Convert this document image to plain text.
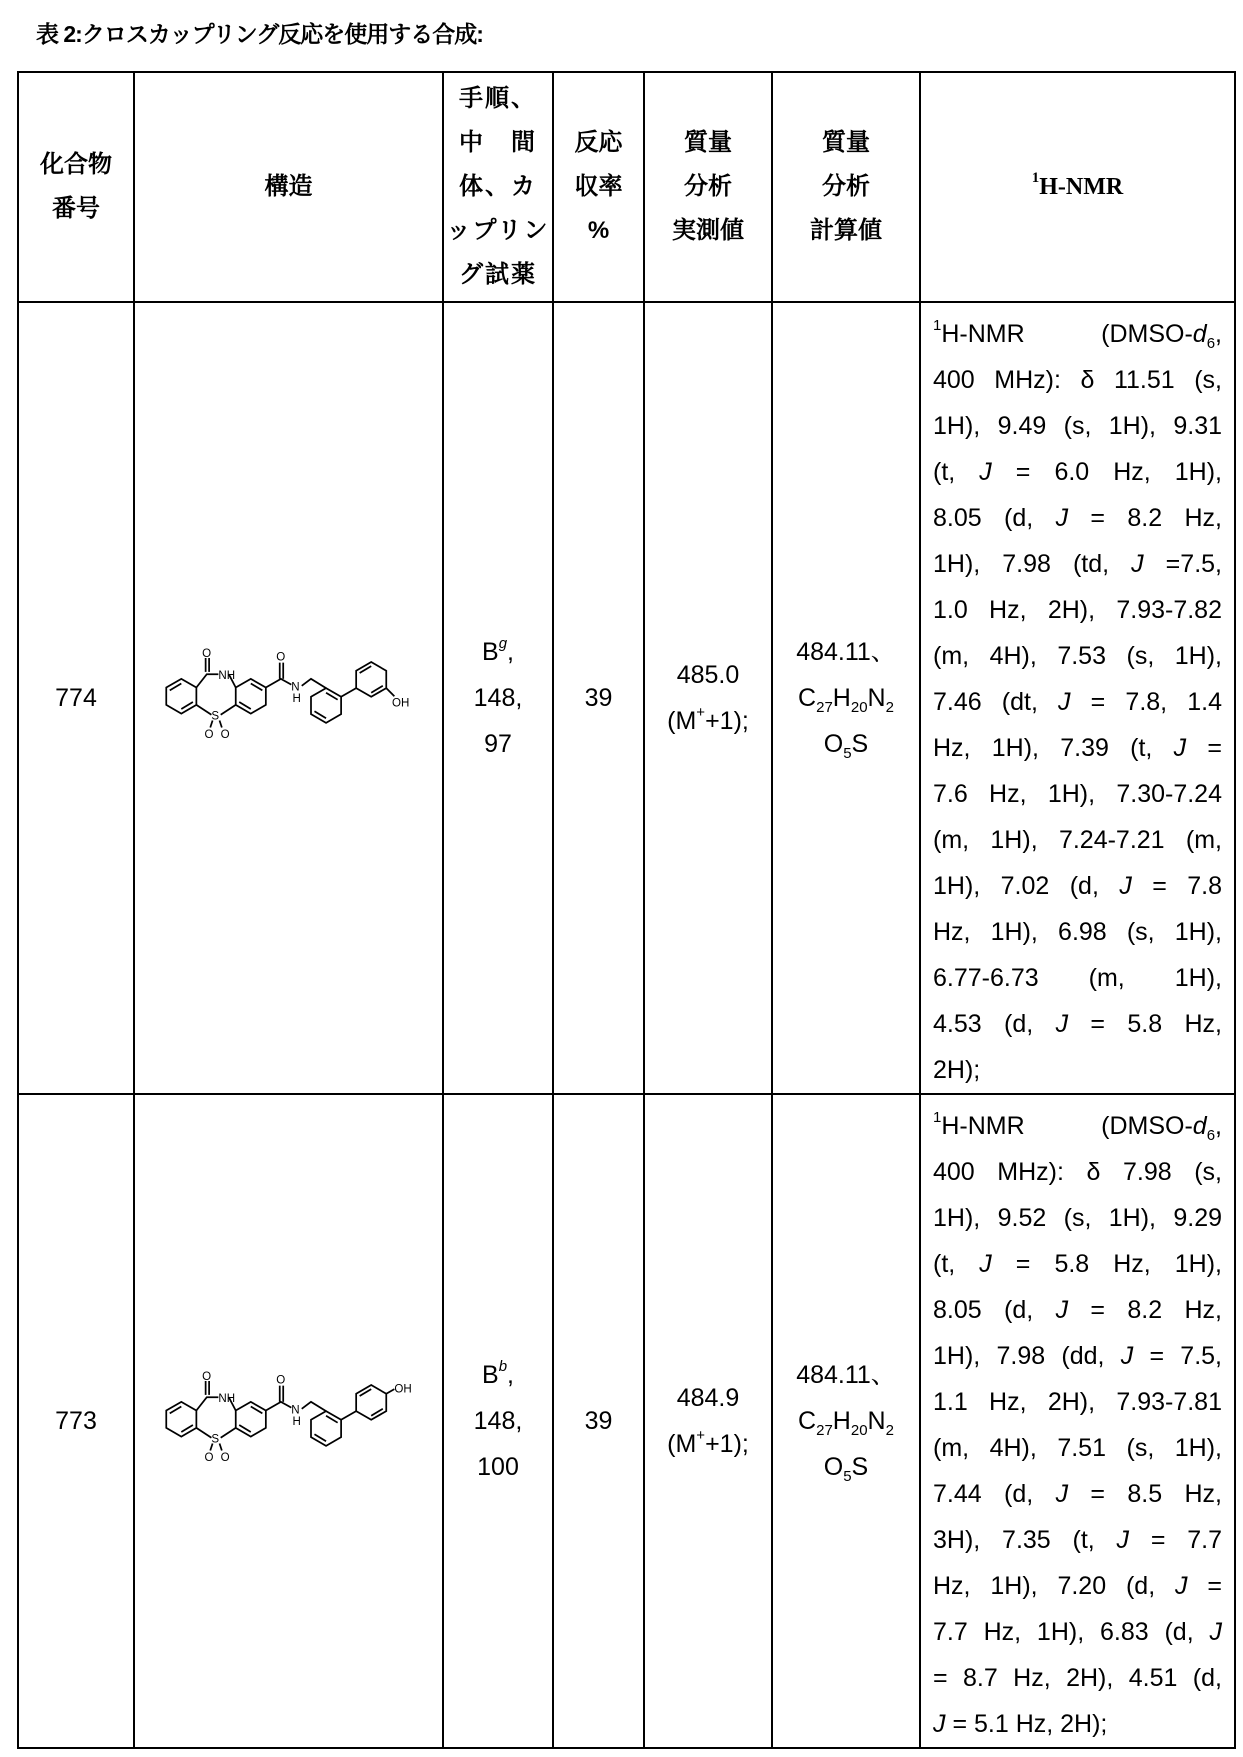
表 2:クロスカップリング反応を使用する合成:
化合物
番号
	構造	
手順、
中　間
体、カ
ップリン
グ試薬

反応
収率
%

質量
分析
実測値

質量
分析
計算値
	1H-NMR
774	
O
NH
O
N
H
S
O O
OH

Bg,
148,
97
	39	
485.0
(M++1);

484.11、
C27H20N2
O5S

1H-NMR (DMSO-d6,
400 MHz): δ 11.51 (s,
1H), 9.49 (s, 1H), 9.31
(t, J = 6.0 Hz, 1H),
8.05 (d, J = 8.2 Hz,
1H), 7.98 (td, J =7.5,
1.0 Hz, 2H), 7.93-7.82
(m, 4H), 7.53 (s, 1H),
7.46 (dt, J = 7.8, 1.4
Hz, 1H), 7.39 (t, J =
7.6 Hz, 1H), 7.30-7.24
(m, 1H), 7.24-7.21 (m,
1H), 7.02 (d, J = 7.8
Hz, 1H), 6.98 (s, 1H),
6.77-6.73 (m, 1H),
4.53 (d, J = 5.8 Hz,
2H);

773	
O
NH
O
N
H
S
O O
OH

Bb,
148,
100
	39	
484.9
(M++1);

484.11、
C27H20N2
O5S

1H-NMR (DMSO-d6,
400 MHz): δ 7.98 (s,
1H), 9.52 (s, 1H), 9.29
(t, J = 5.8 Hz, 1H),
8.05 (d, J = 8.2 Hz,
1H), 7.98 (dd, J = 7.5,
1.1 Hz, 2H), 7.93-7.81
(m, 4H), 7.51 (s, 1H),
7.44 (d, J = 8.5 Hz,
3H), 7.35 (t, J = 7.7
Hz, 1H), 7.20 (d, J =
7.7 Hz, 1H), 6.83 (d, J
= 8.7 Hz, 2H), 4.51 (d,
J = 5.1 Hz, 2H);
